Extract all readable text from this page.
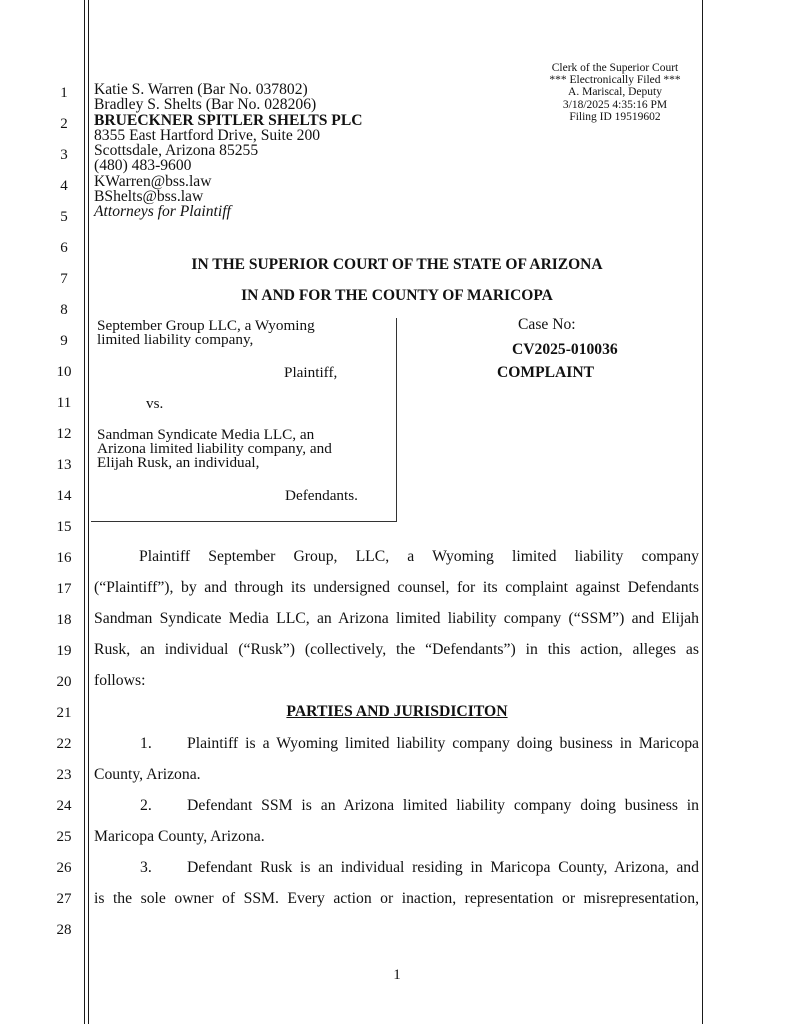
1
2
3
4
5
6
7
8
9
10
11
12
13
14
15
16
17
18
19
20
21
22
23
24
25
26
27
28
Clerk of the Superior Court
*** Electronically Filed ***
A. Mariscal, Deputy
3/18/2025 4:35:16 PM
Filing ID 19519602
Katie S. Warren (Bar No. 037802)
Bradley S. Shelts (Bar No. 028206)
BRUECKNER SPITLER SHELTS PLC
8355 East Hartford Drive, Suite 200
Scottsdale, Arizona 85255
(480) 483-9600
KWarren@bss.law
BShelts@bss.law
Attorneys for Plaintiff
IN THE SUPERIOR COURT OF THE STATE OF ARIZONA
IN AND FOR THE COUNTY OF MARICOPA
September Group LLC, a Wyoming
limited liability company,
Plaintiff,
vs.
Sandman Syndicate Media LLC, an
Arizona limited liability company, and
Elijah Rusk, an individual,
Defendants.
Case No:
CV2025-010036
COMPLAINT
Plaintiff September Group, LLC, a Wyoming limited liability company
(“Plaintiff”), by and through its undersigned counsel, for its complaint against Defendants
Sandman Syndicate Media LLC, an Arizona limited liability company (“SSM”) and Elijah
Rusk, an individual (“Rusk”) (collectively, the “Defendants”) in this action, alleges as
follows:
PARTIES AND JURISDICITON
1. Plaintiff is a Wyoming limited liability company doing business in Maricopa
County, Arizona.
2. Defendant SSM is an Arizona limited liability company doing business in
Maricopa County, Arizona.
3. Defendant Rusk is an individual residing in Maricopa County, Arizona, and
is the sole owner of SSM. Every action or inaction, representation or misrepresentation,
1
